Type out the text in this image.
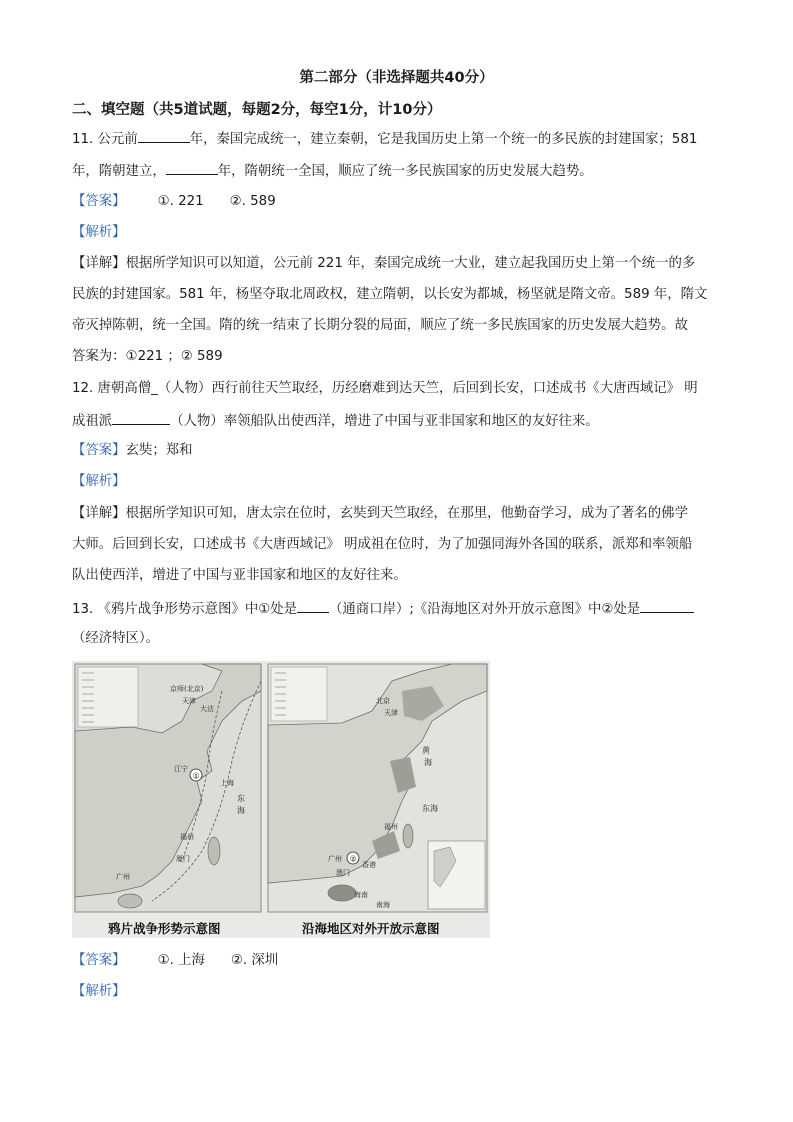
第二部分（非选择题共40分）
二、填空题（共5道试题，每题2分，每空1分，计10分）
11. 公元前	年，秦国完成统一，建立秦朝，它是我国历史上第一个统一的多民族的封建国家；581
年，隋朝建立，	年，隋朝统一全国，顺应了统一多民族国家的历史发展大趋势。
【答案】 ①. 221 ②. 589
【解析】
【详解】根据所学知识可以知道，公元前 221 年，秦国完成统一大业，建立起我国历史上第一个统一的多
民族的封建国家。581 年，杨坚夺取北周政权，建立隋朝，以长安为都城，杨坚就是隋文帝。589 年，隋文
帝灭掉陈朝，统一全国。隋的统一结束了长期分裂的局面，顺应了统一多民族国家的历史发展大趋势。故
答案为：①221 ；② 589
12. 唐朝高僧_（人物）西行前往天竺取经，历经磨难到达天竺，后回到长安，口述成书《大唐西域记》 明
成祖派	（人物）率领船队出使西洋，增进了中国与亚非国家和地区的友好往来。
【答案】玄奘；郑和
【解析】
【详解】根据所学知识可知，唐太宗在位时，玄奘到天竺取经，在那里，他勤奋学习，成为了著名的佛学
大师。后回到长安，口述成书《大唐西域记》 明成祖在位时，为了加强同海外各国的联系，派郑和率领船
队出使西洋，增进了中国与亚非国家和地区的友好往来。
13. 《鸦片战争形势示意图》中①处是 （通商口岸）;《沿海地区对外开放示意图》中②处是
（经济特区）。
京师(北京)
天津
大沽
江宁
上海
福州
厦门
广州
东
海
①
鸦片战争形势示意图
北京
天津
黄
海
东海
福州
广州
香港
澳门
海南
南海
②
沿海地区对外开放示意图
【答案】 ①. 上海 ②. 深圳
【解析】
